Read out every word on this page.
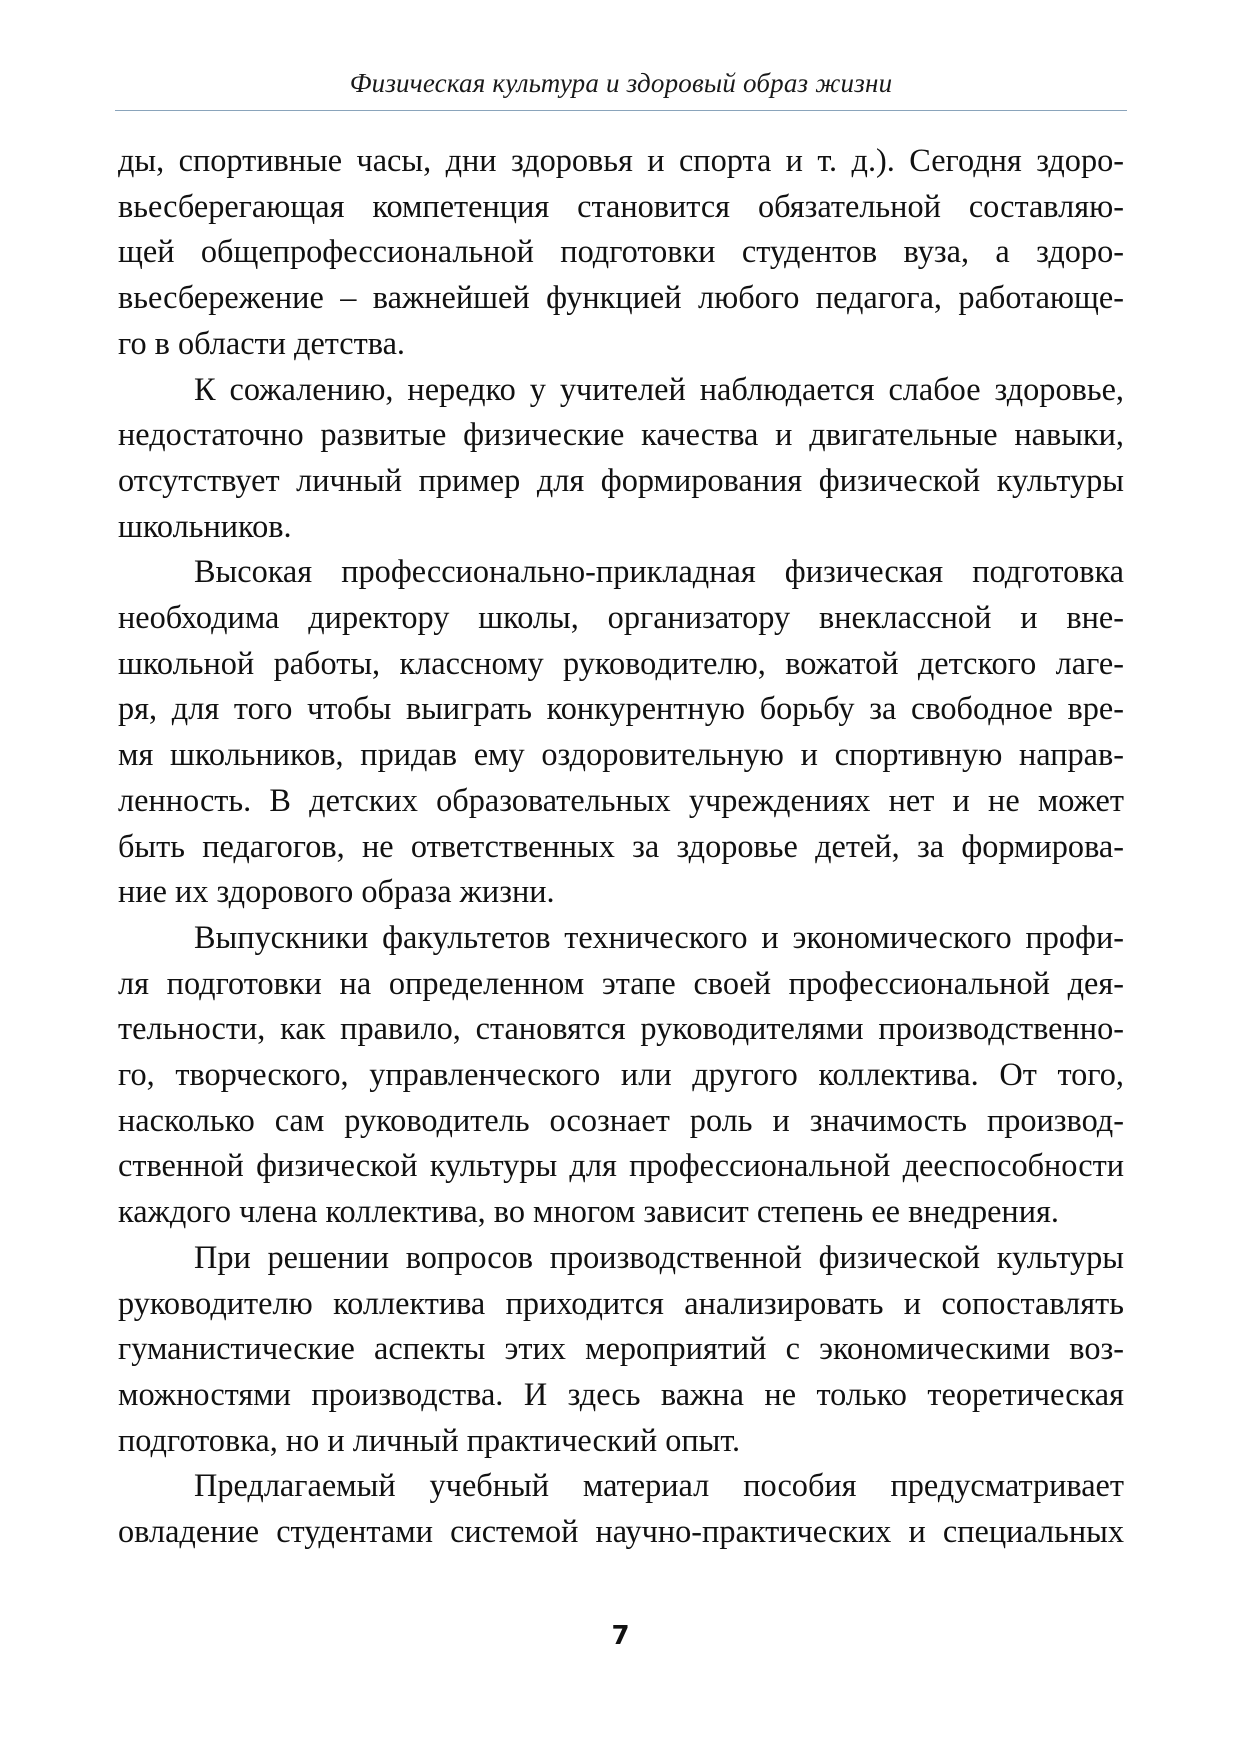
Физическая культура и здоровый образ жизни
ды, спортивные часы, дни здоровья и спорта и т. д.). Сегодня здоро-
вьесберегающая компетенция становится обязательной составляю-
щей общепрофессиональной подготовки студентов вуза, а здоро-
вьесбережение – важнейшей функцией любого педагога, работающе-
го в области детства.
К сожалению, нередко у учителей наблюдается слабое здоровье,
недостаточно развитые физические качества и двигательные навыки,
отсутствует личный пример для формирования физической культуры
школьников.
Высокая профессионально-прикладная физическая подготовка
необходима директору школы, организатору внеклассной и вне-
школьной работы, классному руководителю, вожатой детского лаге-
ря, для того чтобы выиграть конкурентную борьбу за свободное вре-
мя школьников, придав ему оздоровительную и спортивную направ-
ленность. В детских образовательных учреждениях нет и не может
быть педагогов, не ответственных за здоровье детей, за формирова-
ние их здорового образа жизни.
Выпускники факультетов технического и экономического профи-
ля подготовки на определенном этапе своей профессиональной дея-
тельности, как правило, становятся руководителями производственно-
го, творческого, управленческого или другого коллектива. От того,
насколько сам руководитель осознает роль и значимость производ-
ственной физической культуры для профессиональной дееспособности
каждого члена коллектива, во многом зависит степень ее внедрения.
При решении вопросов производственной физической культуры
руководителю коллектива приходится анализировать и сопоставлять
гуманистические аспекты этих мероприятий с экономическими воз-
можностями производства. И здесь важна не только теоретическая
подготовка, но и личный практический опыт.
Предлагаемый учебный материал пособия предусматривает
овладение студентами системой научно-практических и специальных
7
